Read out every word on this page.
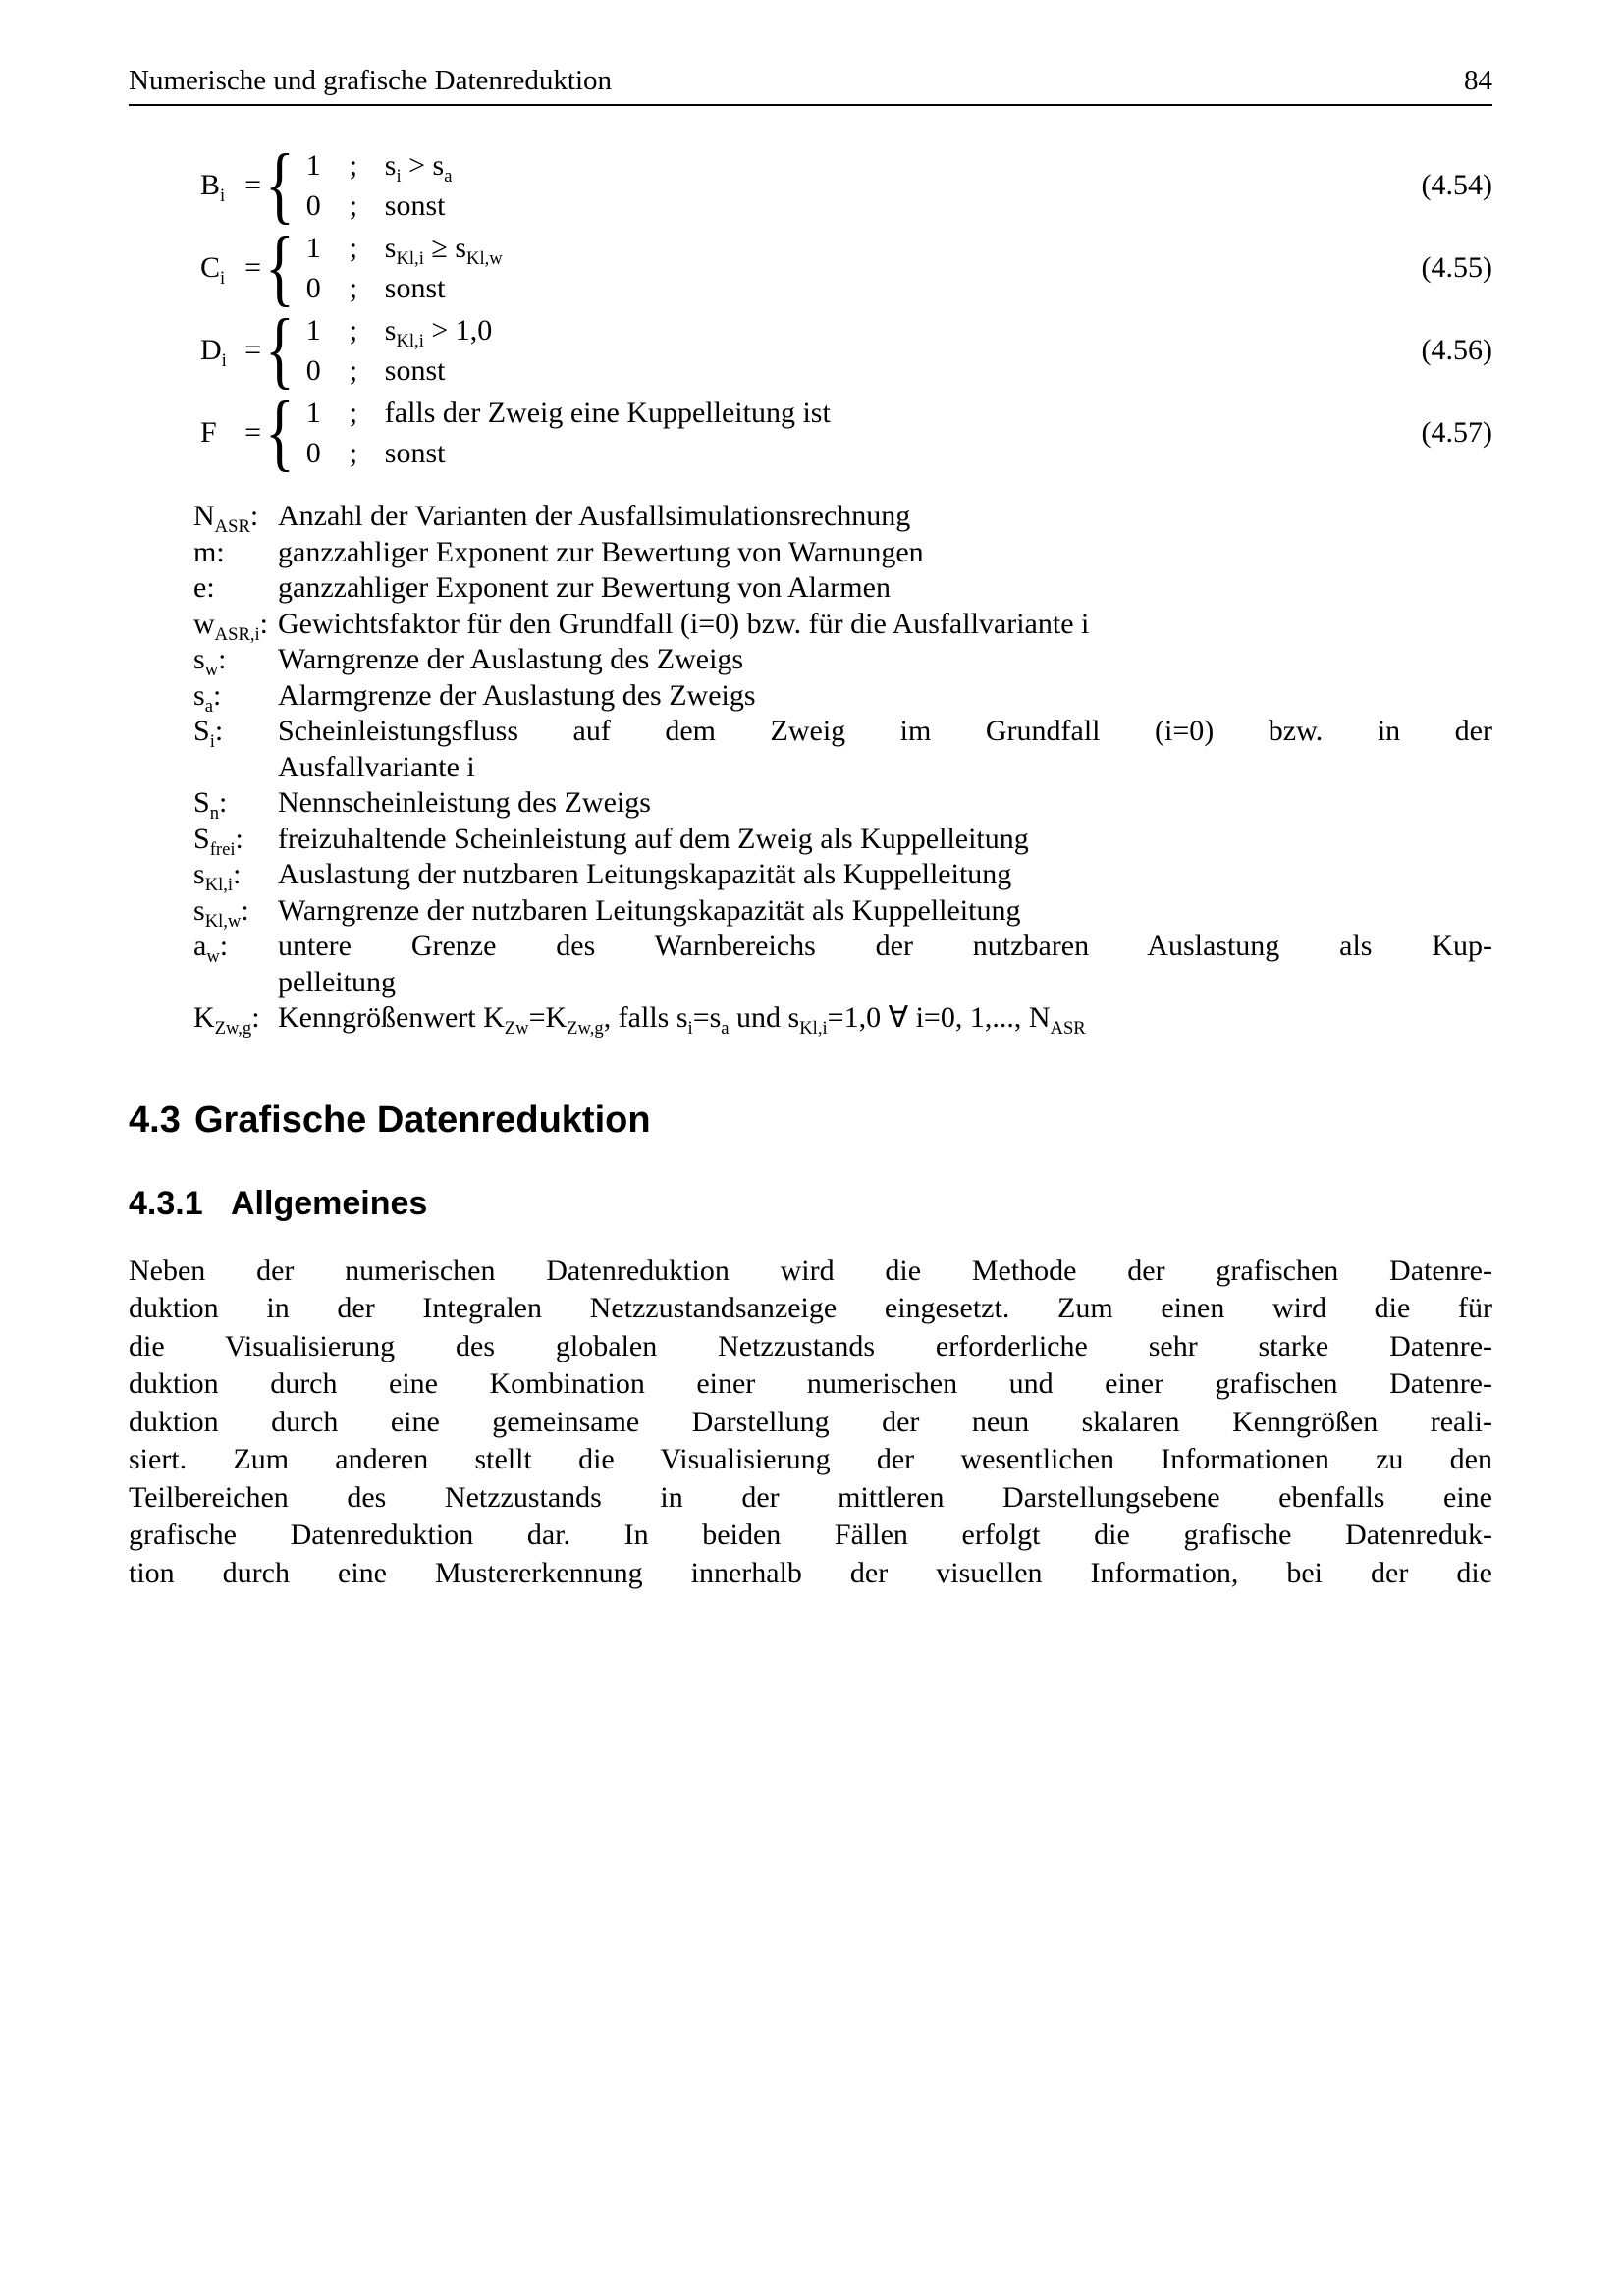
Numerische und grafische Datenreduktion	84
$B_i$ = { 1 ; $s_i > s_a$
0 ; sonst
(4.54)
$C_i$ = { 1 ; $s_{Kl,i} \ge s_{Kl,w}$
0 ; sonst
(4.55)
$D_i$ = { 1 ; $s_{Kl,i} > 1,0$
0 ; sonst
(4.56)
F = { 1 ; falls der Zweig eine Kuppelleitung ist
0 ; sonst
(4.57)
$N_{ASR}$: Anzahl der Varianten der Ausfallsimulationsrechnung
m:	ganzzahliger Exponent zur Bewertung von Warnungen
e:	ganzzahliger Exponent zur Bewertung von Alarmen
$w_{ASR,i}$: Gewichtsfaktor für den Grundfall (i=0) bzw. für die Ausfallvariante i
$s_w$:	Warngrenze der Auslastung des Zweigs
$s_a$:	Alarmgrenze der Auslastung des Zweigs
$S_i$:	Scheinleistungsfluss auf dem Zweig im Grundfall (i=0) bzw. in der
Ausfallvariante i
$S_n$:	Nennscheinleistung des Zweigs
$S_{frei}$:	freizuhaltende Scheinleistung auf dem Zweig als Kuppelleitung
$s_{Kl,i}$:	Auslastung der nutzbaren Leitungskapazität als Kuppelleitung
$s_{Kl,w}$: Warngrenze der nutzbaren Leitungskapazität als Kuppelleitung
$a_w$:	untere Grenze des Warnbereichs der nutzbaren Auslastung als Kup-
pelleitung
$K_{Zw,g}$: Kenngrößenwert $K_{Zw}=K_{Zw,g}$, falls $s_i=s_a$ und $s_{Kl,i}=1,0$ ∀ i=0, 1,..., $N_{ASR}$
4.3 Grafische Datenreduktion
4.3.1 Allgemeines
Neben der numerischen Datenreduktion wird die Methode der grafischen Datenre-
duktion in der Integralen Netzzustandsanzeige eingesetzt. Zum einen wird die für
die Visualisierung des globalen Netzzustands erforderliche sehr starke Datenre-
duktion durch eine Kombination einer numerischen und einer grafischen Datenre-
duktion durch eine gemeinsame Darstellung der neun skalaren Kenngrößen reali-
siert. Zum anderen stellt die Visualisierung der wesentlichen Informationen zu den
Teilbereichen des Netzzustands in der mittleren Darstellungsebene ebenfalls eine
grafische Datenreduktion dar. In beiden Fällen erfolgt die grafische Datenreduk-
tion durch eine Mustererkennung innerhalb der visuellen Information, bei der die
